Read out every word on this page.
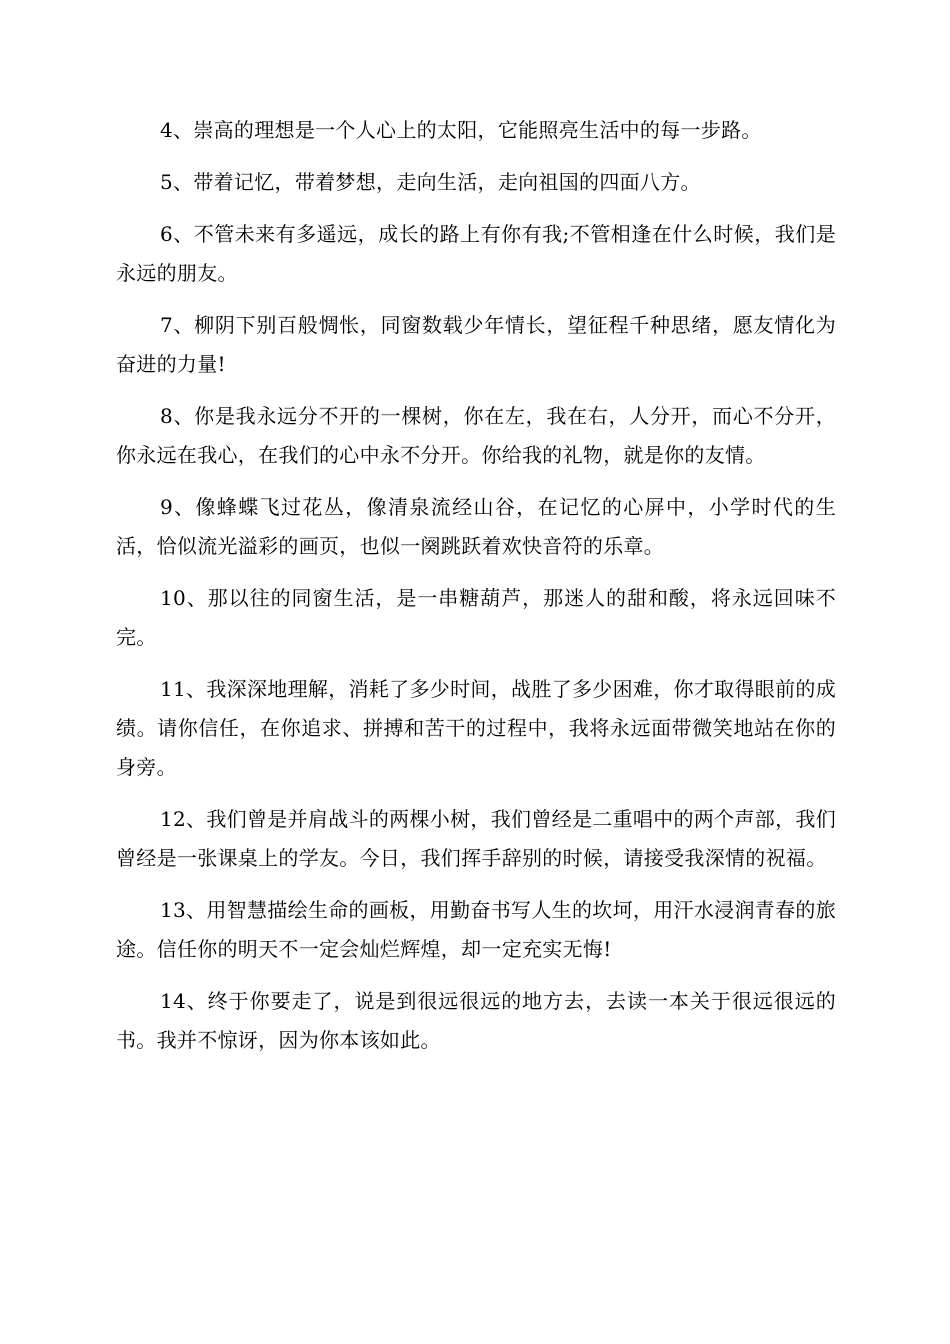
4、崇高的理想是一个人心上的太阳，它能照亮生活中的每一步路。

5、带着记忆，带着梦想，走向生活，走向祖国的四面八方。

6、不管未来有多遥远，成长的路上有你有我;不管相逢在什么时候，我们是永远的朋友。

7、柳阴下别百般惆怅，同窗数载少年情长，望征程千种思绪，愿友情化为奋进的力量!

8、你是我永远分不开的一棵树，你在左，我在右，人分开，而心不分开，你永远在我心，在我们的心中永不分开。你给我的礼物，就是你的友情。

9、像蜂蝶飞过花丛，像清泉流经山谷，在记忆的心屏中，小学时代的生活，恰似流光溢彩的画页，也似一阕跳跃着欢快音符的乐章。

10、那以往的同窗生活，是一串糖葫芦，那迷人的甜和酸，将永远回味不完。

11、我深深地理解，消耗了多少时间，战胜了多少困难，你才取得眼前的成绩。请你信任，在你追求、拼搏和苦干的过程中，我将永远面带微笑地站在你的身旁。

12、我们曾是并肩战斗的两棵小树，我们曾经是二重唱中的两个声部，我们曾经是一张课桌上的学友。今日，我们挥手辞别的时候，请接受我深情的祝福。

13、用智慧描绘生命的画板，用勤奋书写人生的坎坷，用汗水浸润青春的旅途。信任你的明天不一定会灿烂辉煌，却一定充实无悔!

14、终于你要走了，说是到很远很远的地方去，去读一本关于很远很远的书。我并不惊讶，因为你本该如此。
